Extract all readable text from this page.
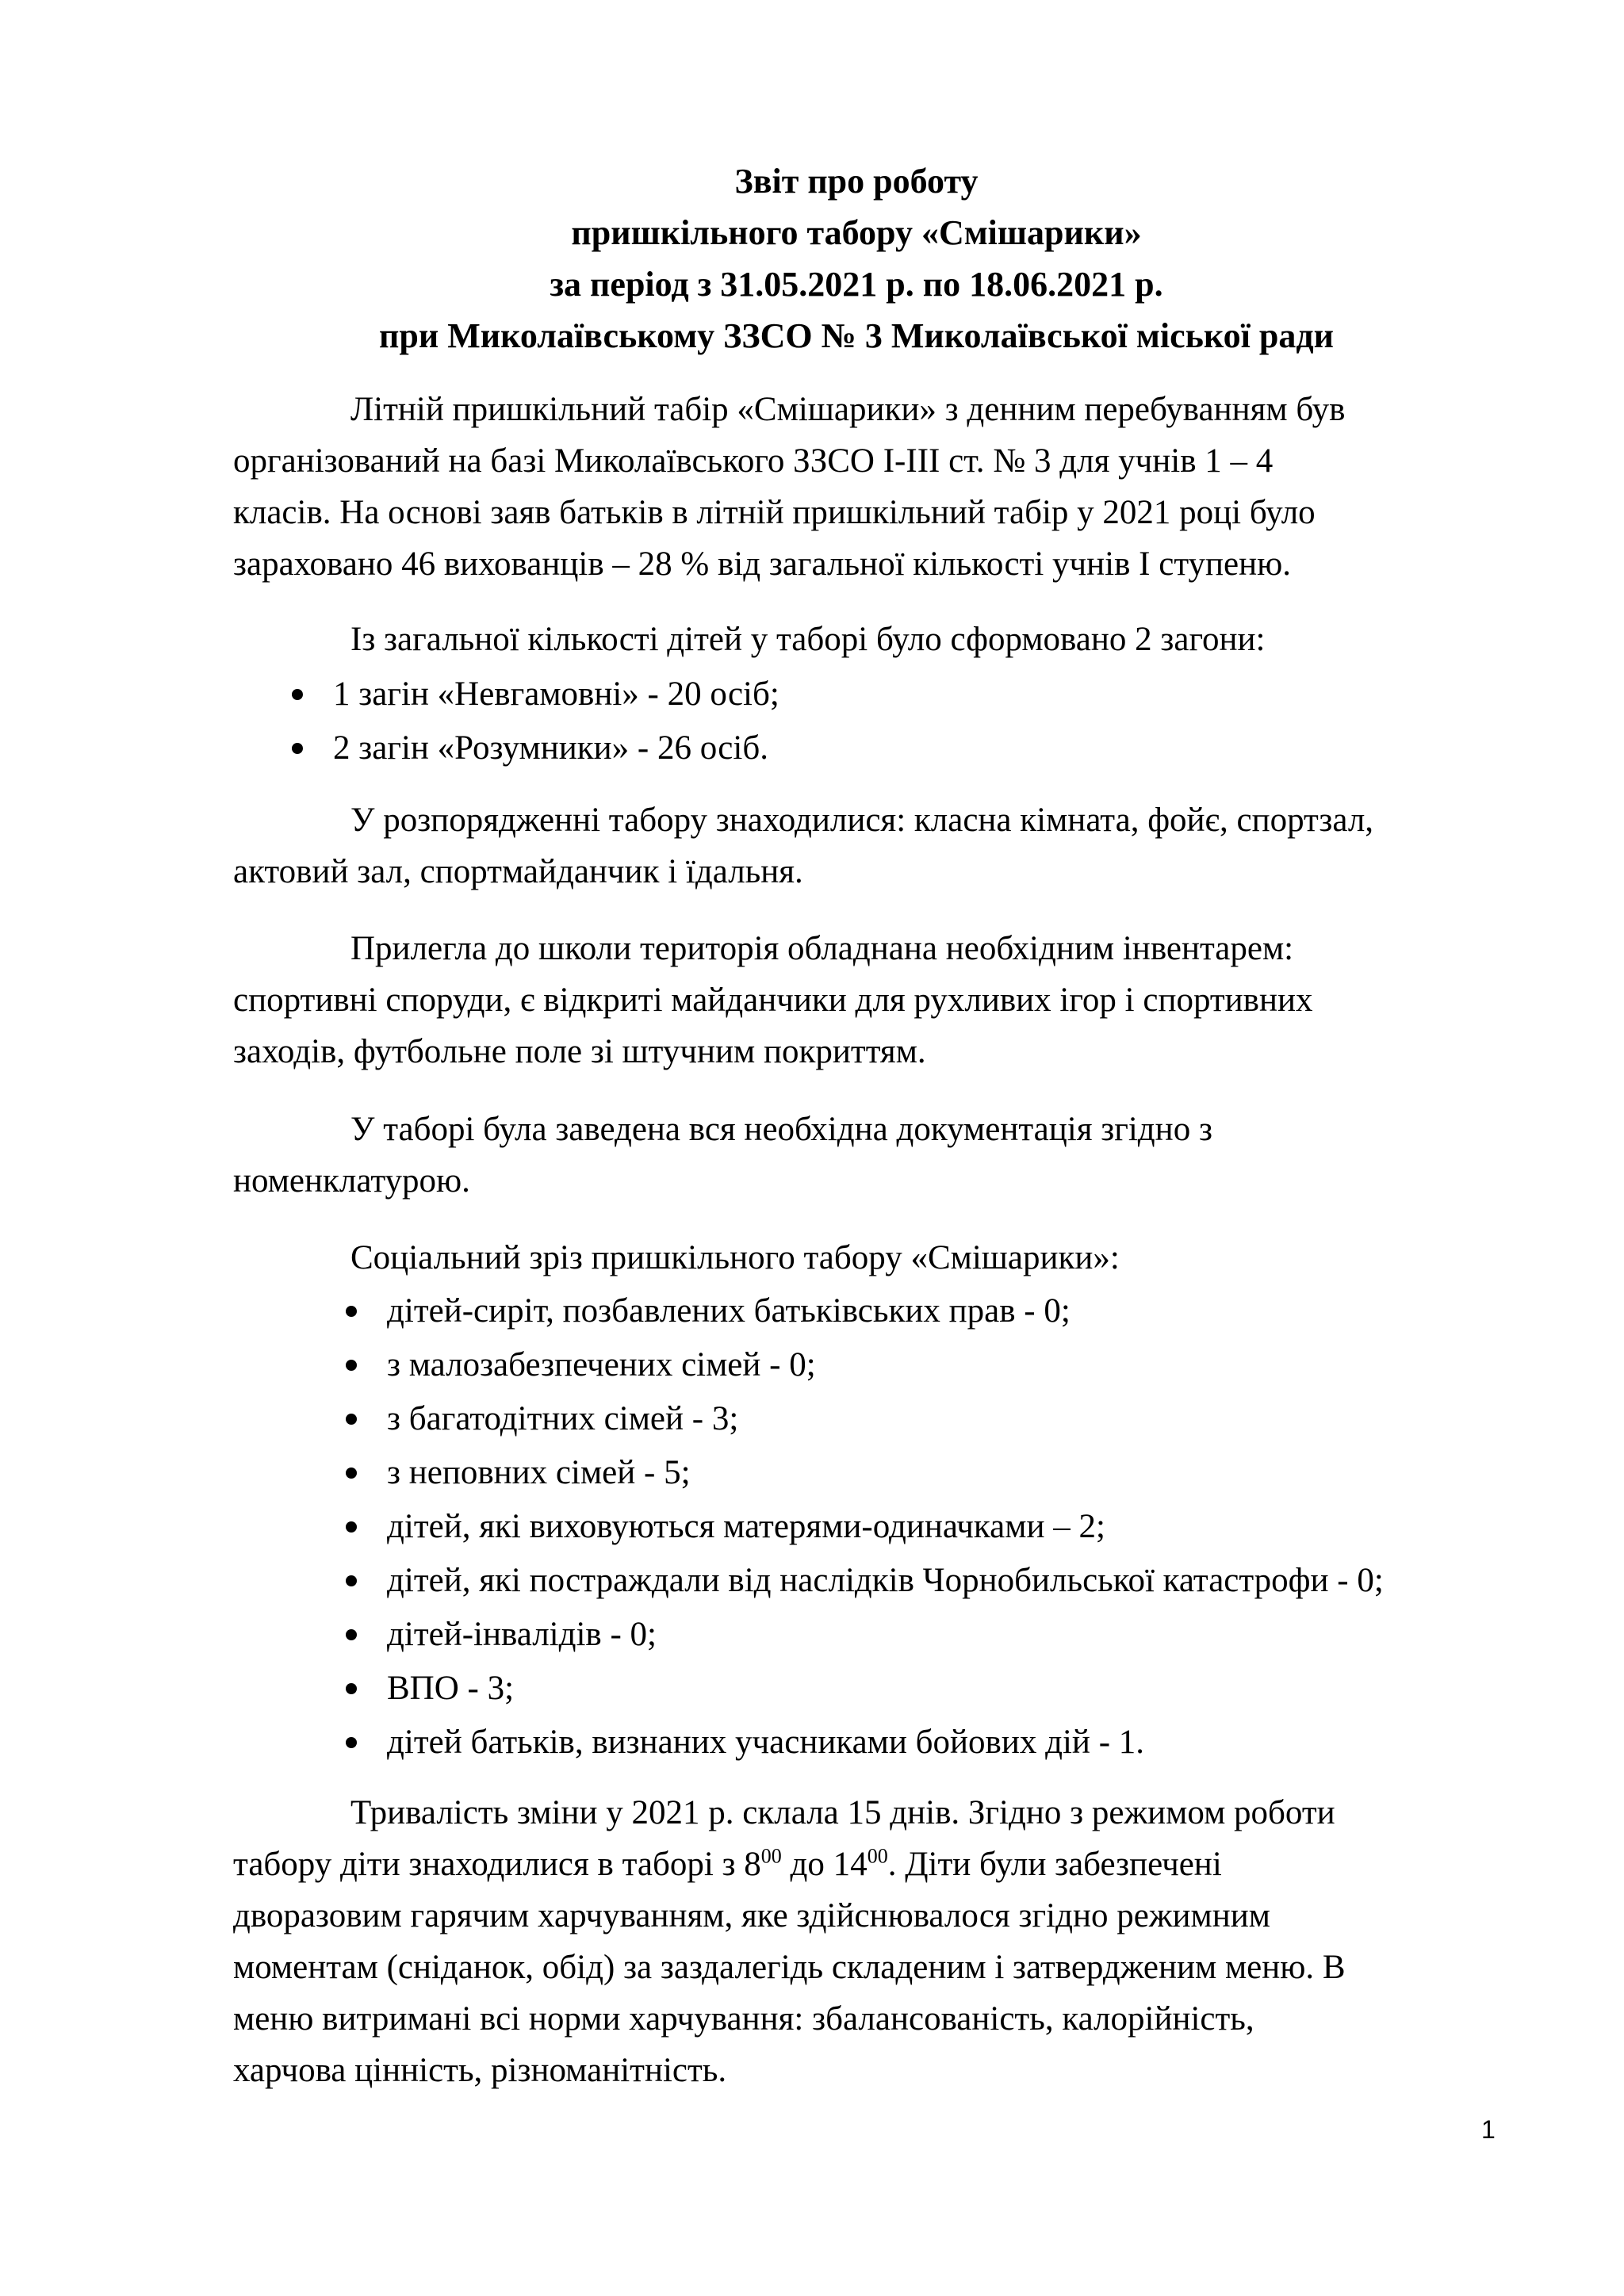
Звіт про роботу
пришкільного табору «Смішарики»
за період з 31.05.2021 р. по 18.06.2021 р.
при Миколаївському ЗЗСО № 3 Миколаївської міської ради

Літній пришкільний табір «Смішарики» з денним перебуванням був
організований на базі Миколаївського ЗЗСО І-ІІІ ст. № 3 для учнів 1 – 4
класів. На основі заяв батьків в літній пришкільний табір у 2021 році було
зараховано 46 вихованців – 28 % від загальної кількості учнів І ступеню.

Із загальної кількості дітей у таборі було сформовано 2 загони:

1 загін «Невгамовні» - 20 осіб;
2 загін «Розумники» - 26 осіб.

У розпорядженні табору знаходилися: класна кімната, фойє, спортзал,
актовий зал, спортмайданчик і їдальня.

Прилегла до школи територія обладнана необхідним інвентарем:
спортивні споруди, є відкриті майданчики для рухливих ігор і спортивних
заходів, футбольне поле зі штучним покриттям.

У таборі була заведена вся необхідна документація згідно з
номенклатурою.

Соціальний зріз пришкільного табору «Смішарики»:

дітей-сиріт, позбавлених батьківських прав - 0;
з малозабезпечених сімей - 0;
з багатодітних сімей - 3;
з неповних сімей - 5;
дітей, які виховуються матерями-одиначками – 2;
дітей, які постраждали від наслідків Чорнобильської катастрофи - 0;
дітей-інвалідів - 0;
ВПО - 3;
дітей батьків, визнаних учасниками бойових дій - 1.

Тривалість зміни у 2021 р. склала 15 днів. Згідно з режимом роботи
табору діти знаходилися в таборі з $8^{00}$ до $14^{00}$. Діти були забезпечені
дворазовим гарячим харчуванням, яке здійснювалося згідно режимним
моментам (сніданок, обід) за заздалегідь складеним і затвердженим меню. В
меню витримані всі норми харчування: збалансованість, калорійність,
харчова цінність, різноманітність.

1
